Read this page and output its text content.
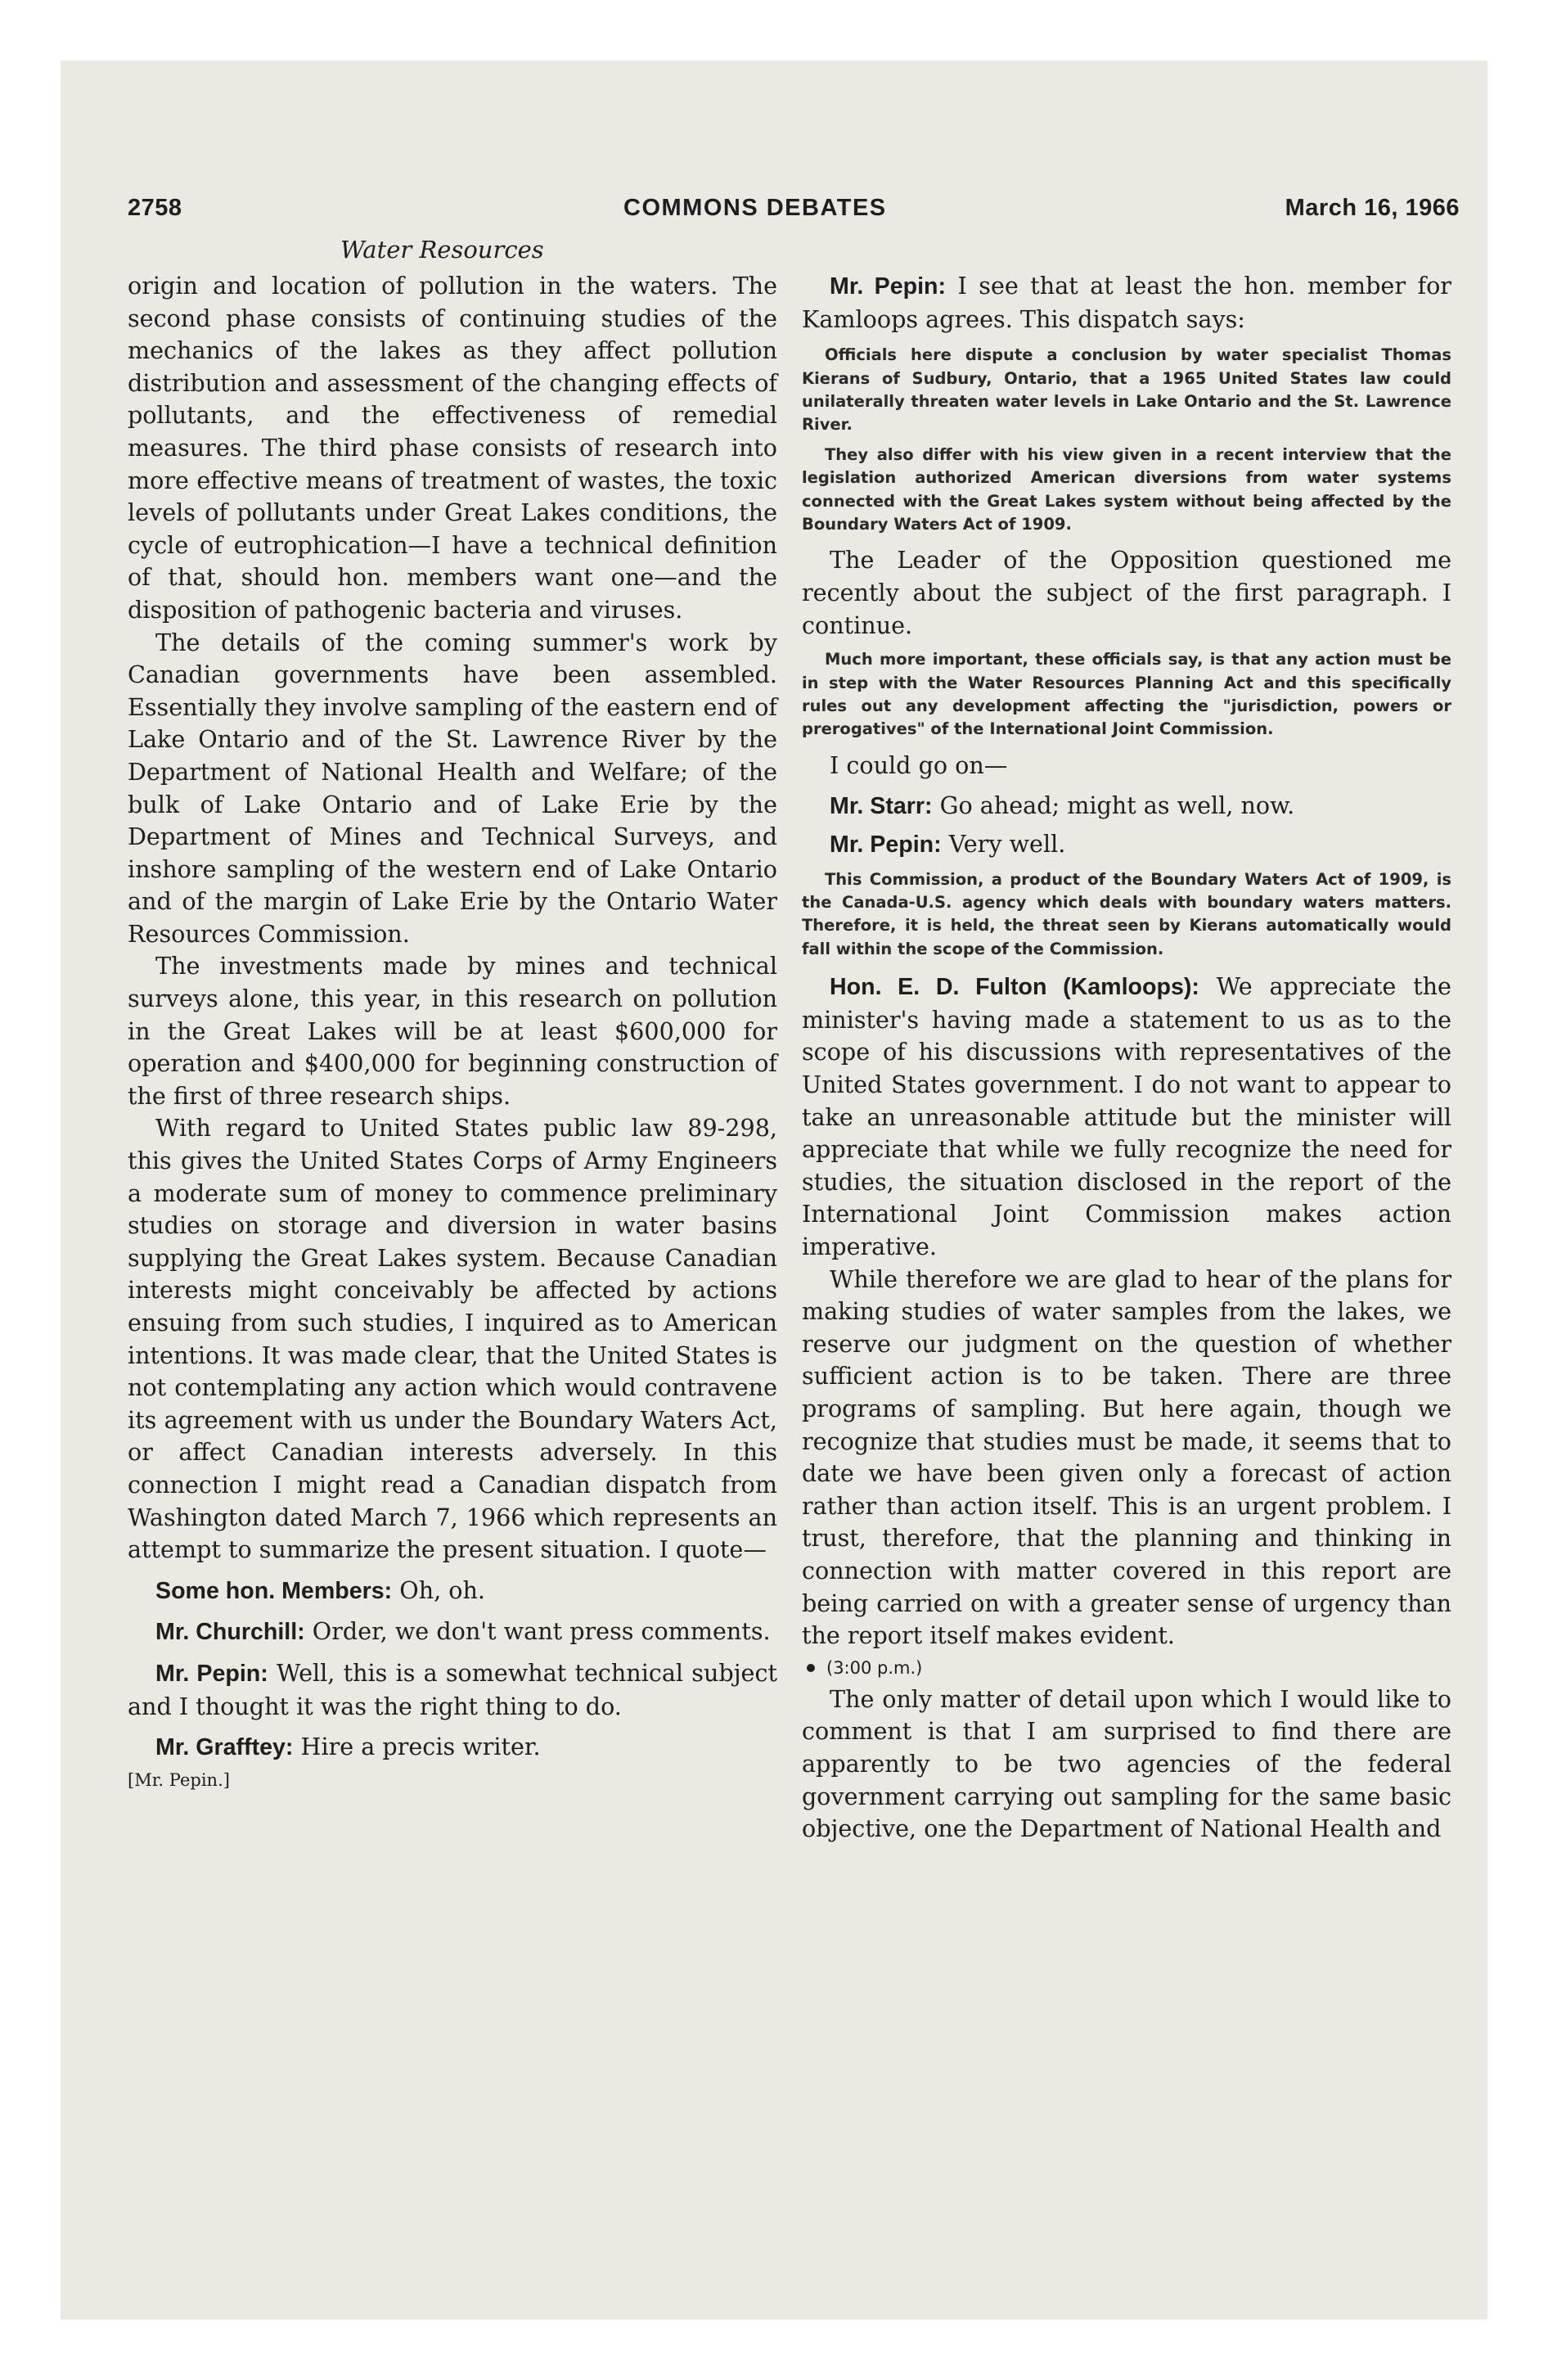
2758	COMMONS DEBATES	March 16, 1966
Water Resources

origin and location of pollution in the waters. The second phase consists of continuing studies of the mechanics of the lakes as they affect pollution distribution and assessment of the changing effects of pollutants, and the effectiveness of remedial measures. The third phase consists of research into more effective means of treatment of wastes, the toxic levels of pollutants under Great Lakes conditions, the cycle of eutrophication—I have a technical definition of that, should hon. members want one—and the disposition of pathogenic bacteria and viruses.

The details of the coming summer's work by Canadian governments have been assembled. Essentially they involve sampling of the eastern end of Lake Ontario and of the St. Lawrence River by the Department of National Health and Welfare; of the bulk of Lake Ontario and of Lake Erie by the Department of Mines and Technical Surveys, and inshore sampling of the western end of Lake Ontario and of the margin of Lake Erie by the Ontario Water Resources Commission.

The investments made by mines and technical surveys alone, this year, in this research on pollution in the Great Lakes will be at least $600,000 for operation and $400,000 for beginning construction of the first of three research ships.

With regard to United States public law 89-298, this gives the United States Corps of Army Engineers a moderate sum of money to commence preliminary studies on storage and diversion in water basins supplying the Great Lakes system. Because Canadian interests might conceivably be affected by actions ensuing from such studies, I inquired as to American intentions. It was made clear, that the United States is not contemplating any action which would contravene its agreement with us under the Boundary Waters Act, or affect Canadian interests adversely. In this connection I might read a Canadian dispatch from Washington dated March 7, 1966 which represents an attempt to summarize the present situation. I quote—

Some hon. Members: Oh, oh.

Mr. Churchill: Order, we don't want press comments.

Mr. Pepin: Well, this is a somewhat technical subject and I thought it was the right thing to do.

Mr. Grafftey: Hire a precis writer.

[Mr. Pepin.]

Mr. Pepin: I see that at least the hon. member for Kamloops agrees. This dispatch says:

Officials here dispute a conclusion by water specialist Thomas Kierans of Sudbury, Ontario, that a 1965 United States law could unilaterally threaten water levels in Lake Ontario and the St. Lawrence River.

They also differ with his view given in a recent interview that the legislation authorized American diversions from water systems connected with the Great Lakes system without being affected by the Boundary Waters Act of 1909.

The Leader of the Opposition questioned me recently about the subject of the first paragraph. I continue.

Much more important, these officials say, is that any action must be in step with the Water Resources Planning Act and this specifically rules out any development affecting the "jurisdiction, powers or prerogatives" of the International Joint Commission.

I could go on—

Mr. Starr: Go ahead; might as well, now.

Mr. Pepin: Very well.

This Commission, a product of the Boundary Waters Act of 1909, is the Canada-U.S. agency which deals with boundary waters matters. Therefore, it is held, the threat seen by Kierans automatically would fall within the scope of the Commission.

Hon. E. D. Fulton (Kamloops): We appreciate the minister's having made a statement to us as to the scope of his discussions with representatives of the United States government. I do not want to appear to take an unreasonable attitude but the minister will appreciate that while we fully recognize the need for studies, the situation disclosed in the report of the International Joint Commission makes action imperative.

While therefore we are glad to hear of the plans for making studies of water samples from the lakes, we reserve our judgment on the question of whether sufficient action is to be taken. There are three programs of sampling. But here again, though we recognize that studies must be made, it seems that to date we have been given only a forecast of action rather than action itself. This is an urgent problem. I trust, therefore, that the planning and thinking in connection with matter covered in this report are being carried on with a greater sense of urgency than the report itself makes evident.

(3:00 p.m.)

The only matter of detail upon which I would like to comment is that I am surprised to find there are apparently to be two agencies of the federal government carrying out sampling for the same basic objective, one the Department of National Health and
